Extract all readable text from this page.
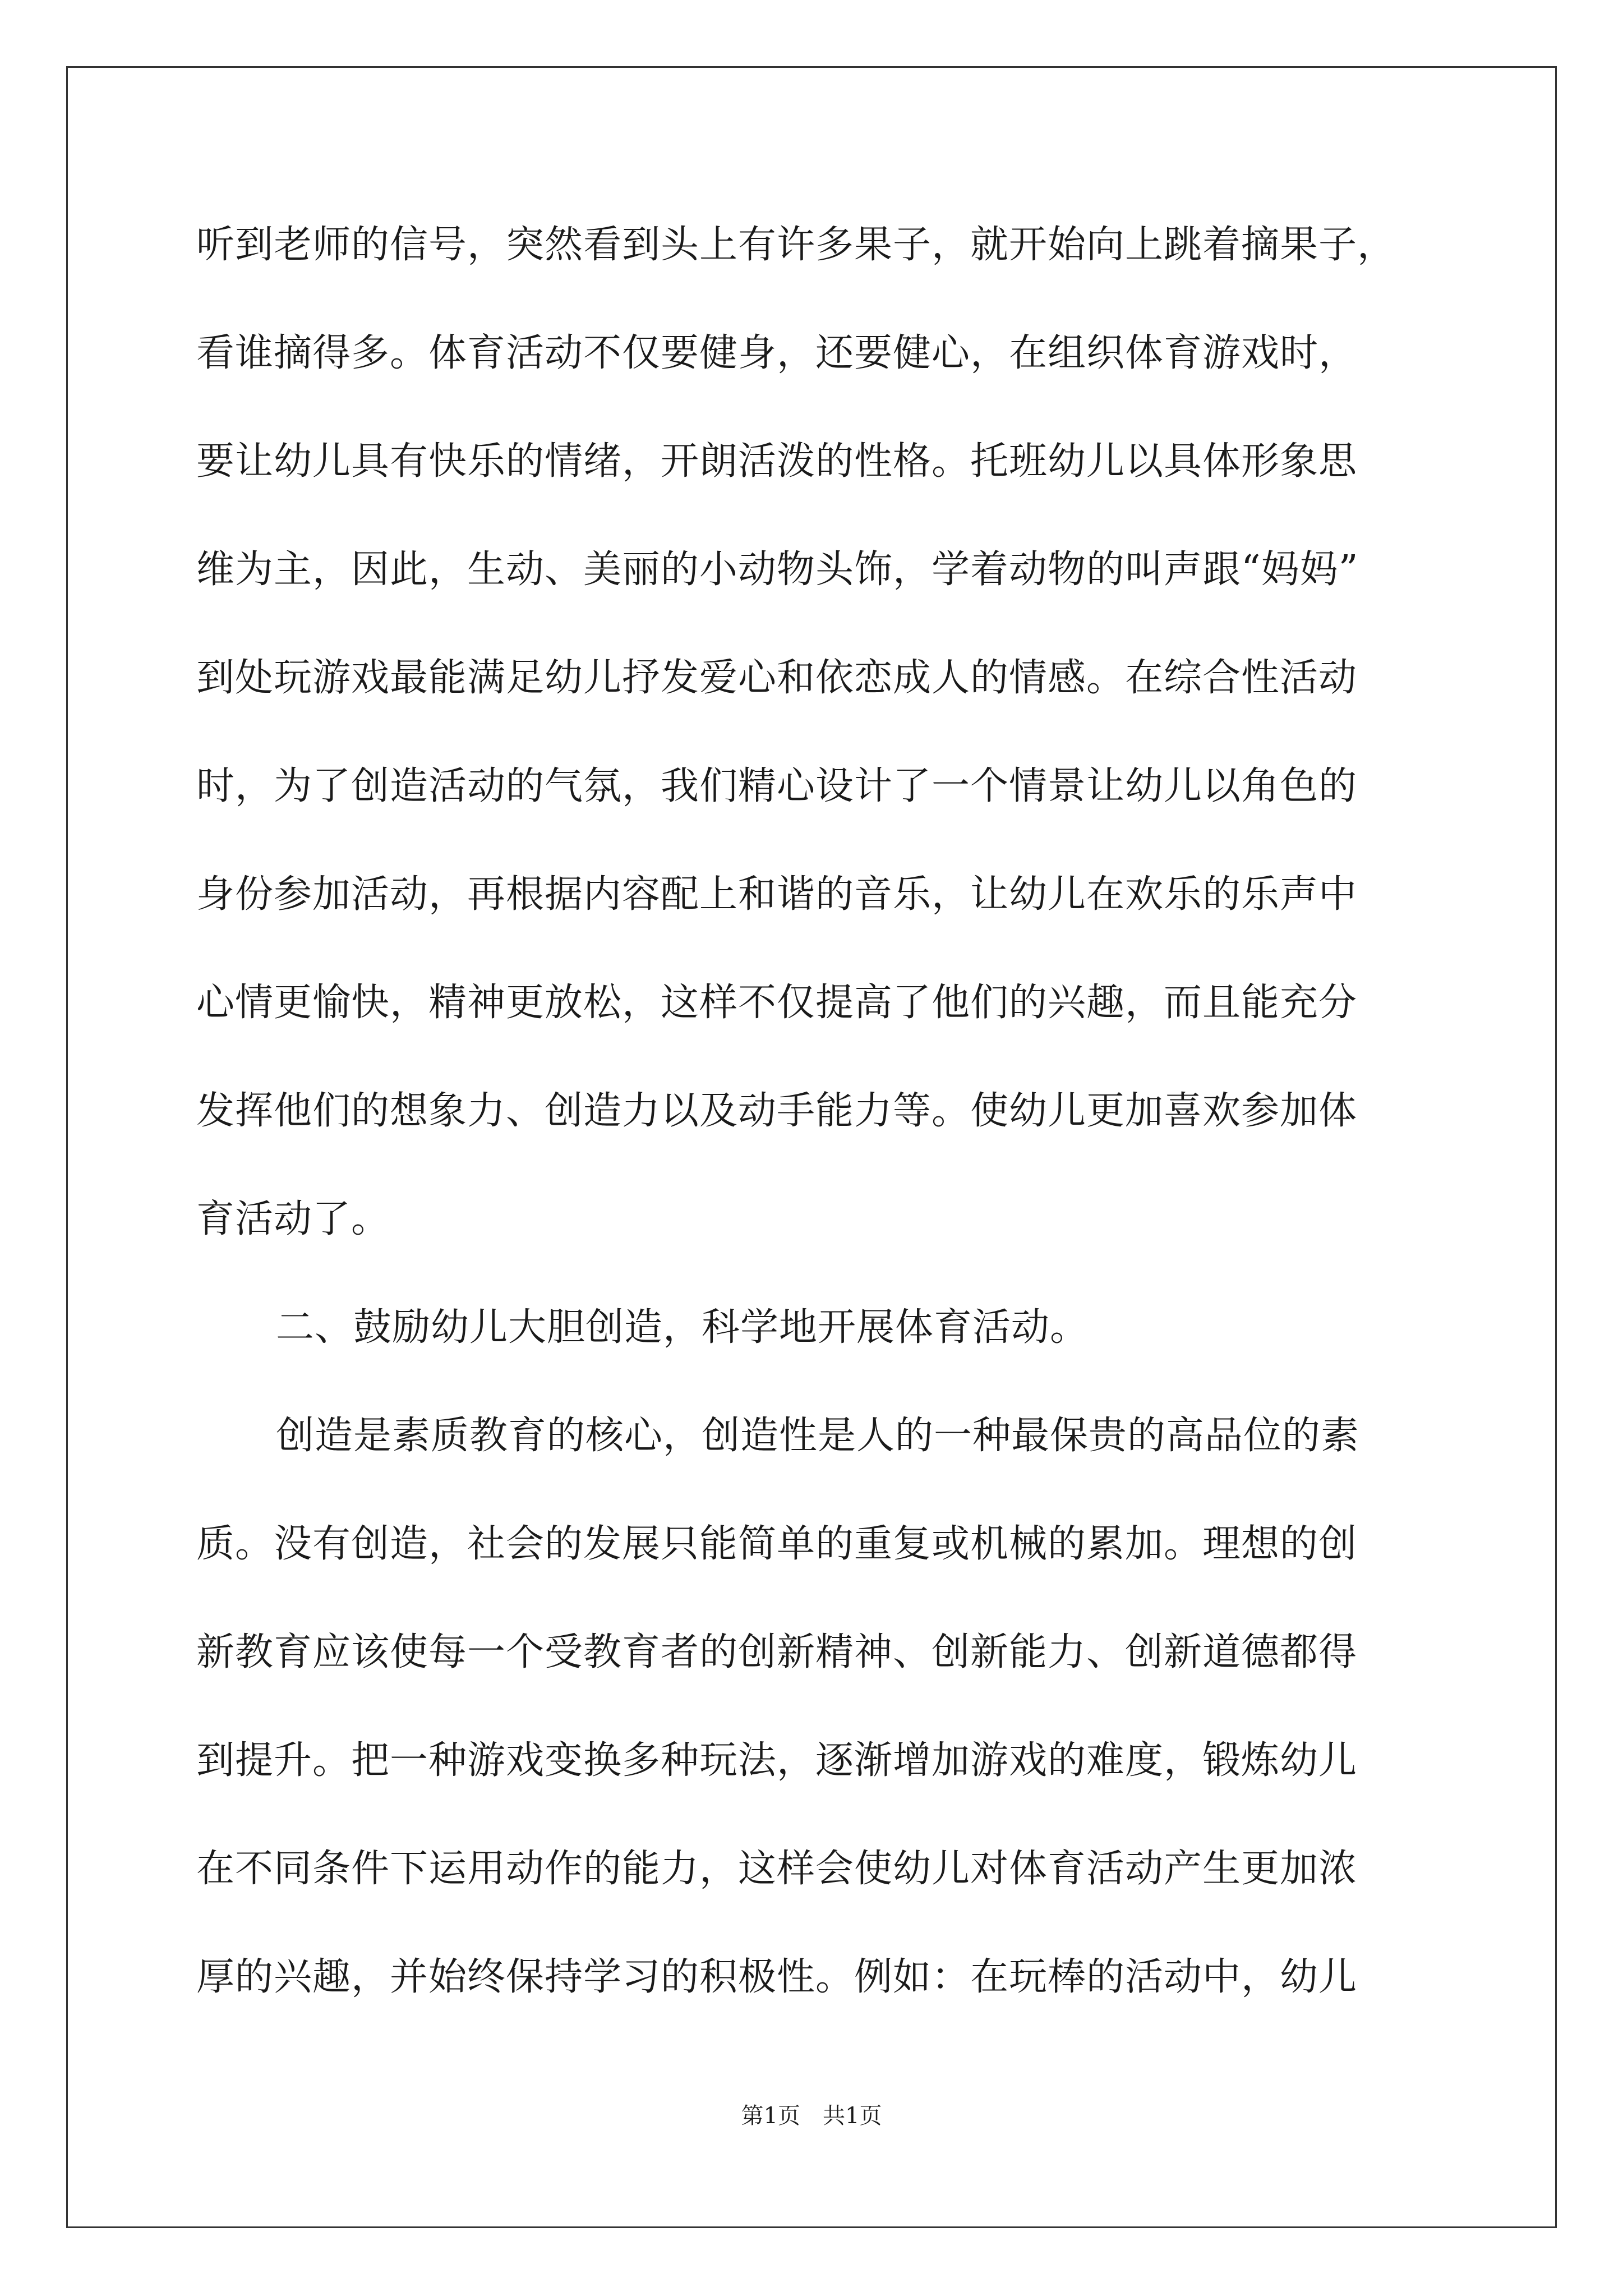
听到老师的信号，突然看到头上有许多果子，就开始向上跳着摘果子，
看谁摘得多。体育活动不仅要健身，还要健心，在组织体育游戏时，
要让幼儿具有快乐的情绪，开朗活泼的性格。托班幼儿以具体形象思
维为主，因此，生动、美丽的小动物头饰，学着动物的叫声跟“妈妈”
到处玩游戏最能满足幼儿抒发爱心和依恋成人的情感。在综合性活动
时，为了创造活动的气氛，我们精心设计了一个情景让幼儿以角色的
身份参加活动，再根据内容配上和谐的音乐，让幼儿在欢乐的乐声中
心情更愉快，精神更放松，这样不仅提高了他们的兴趣，而且能充分
发挥他们的想象力、创造力以及动手能力等。使幼儿更加喜欢参加体
育活动了。
二、鼓励幼儿大胆创造，科学地开展体育活动。
创造是素质教育的核心，创造性是人的一种最保贵的高品位的素
质。没有创造，社会的发展只能简单的重复或机械的累加。理想的创
新教育应该使每一个受教育者的创新精神、创新能力、创新道德都得
到提升。把一种游戏变换多种玩法，逐渐增加游戏的难度，锻炼幼儿
在不同条件下运用动作的能力，这样会使幼儿对体育活动产生更加浓
厚的兴趣，并始终保持学习的积极性。例如：在玩棒的活动中，幼儿
第1页　共1页
